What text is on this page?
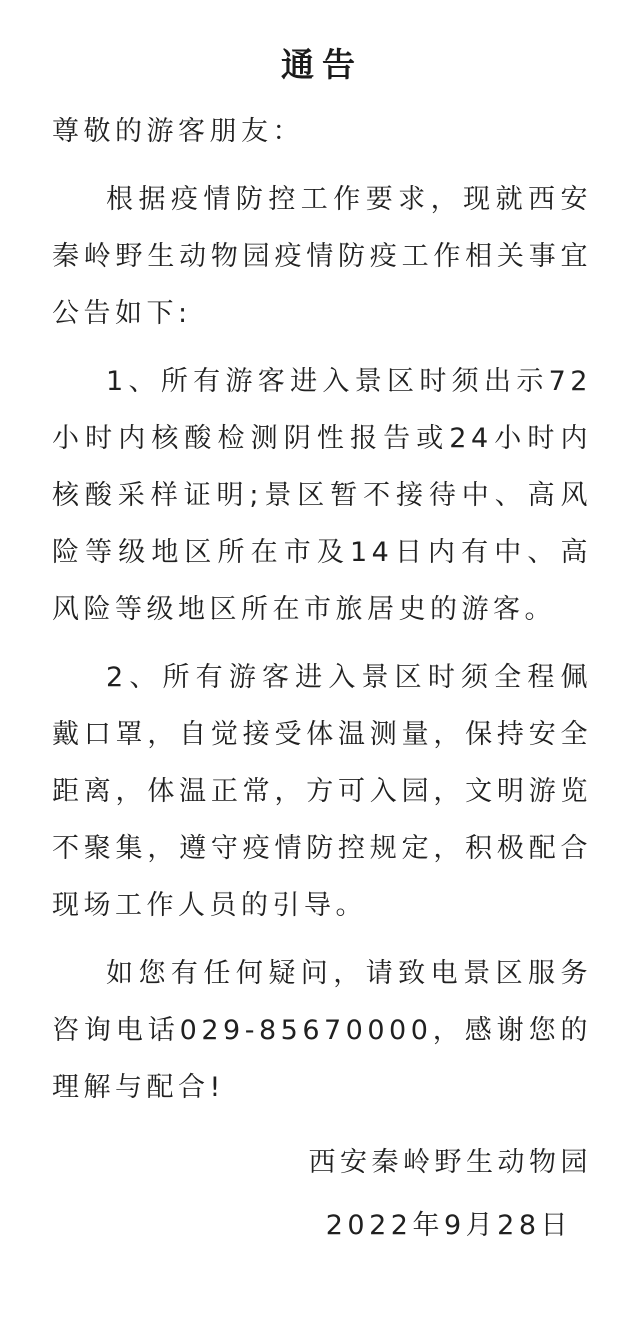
通告

尊敬的游客朋友：

根据疫情防控工作要求，现就西安秦岭野生动物园疫情防疫工作相关事宜公告如下:

1、所有游客进入景区时须出示72小时内核酸检测阴性报告或24小时内核酸采样证明;景区暂不接待中、高风险等级地区所在市及14日内有中、高风险等级地区所在市旅居史的游客。

2、所有游客进入景区时须全程佩戴口罩，自觉接受体温测量，保持安全距离，体温正常，方可入园，文明游览不聚集，遵守疫情防控规定，积极配合现场工作人员的引导。

如您有任何疑问，请致电景区服务咨询电话029-85670000，感谢您的理解与配合!

西安秦岭野生动物园
2022年9月28日
